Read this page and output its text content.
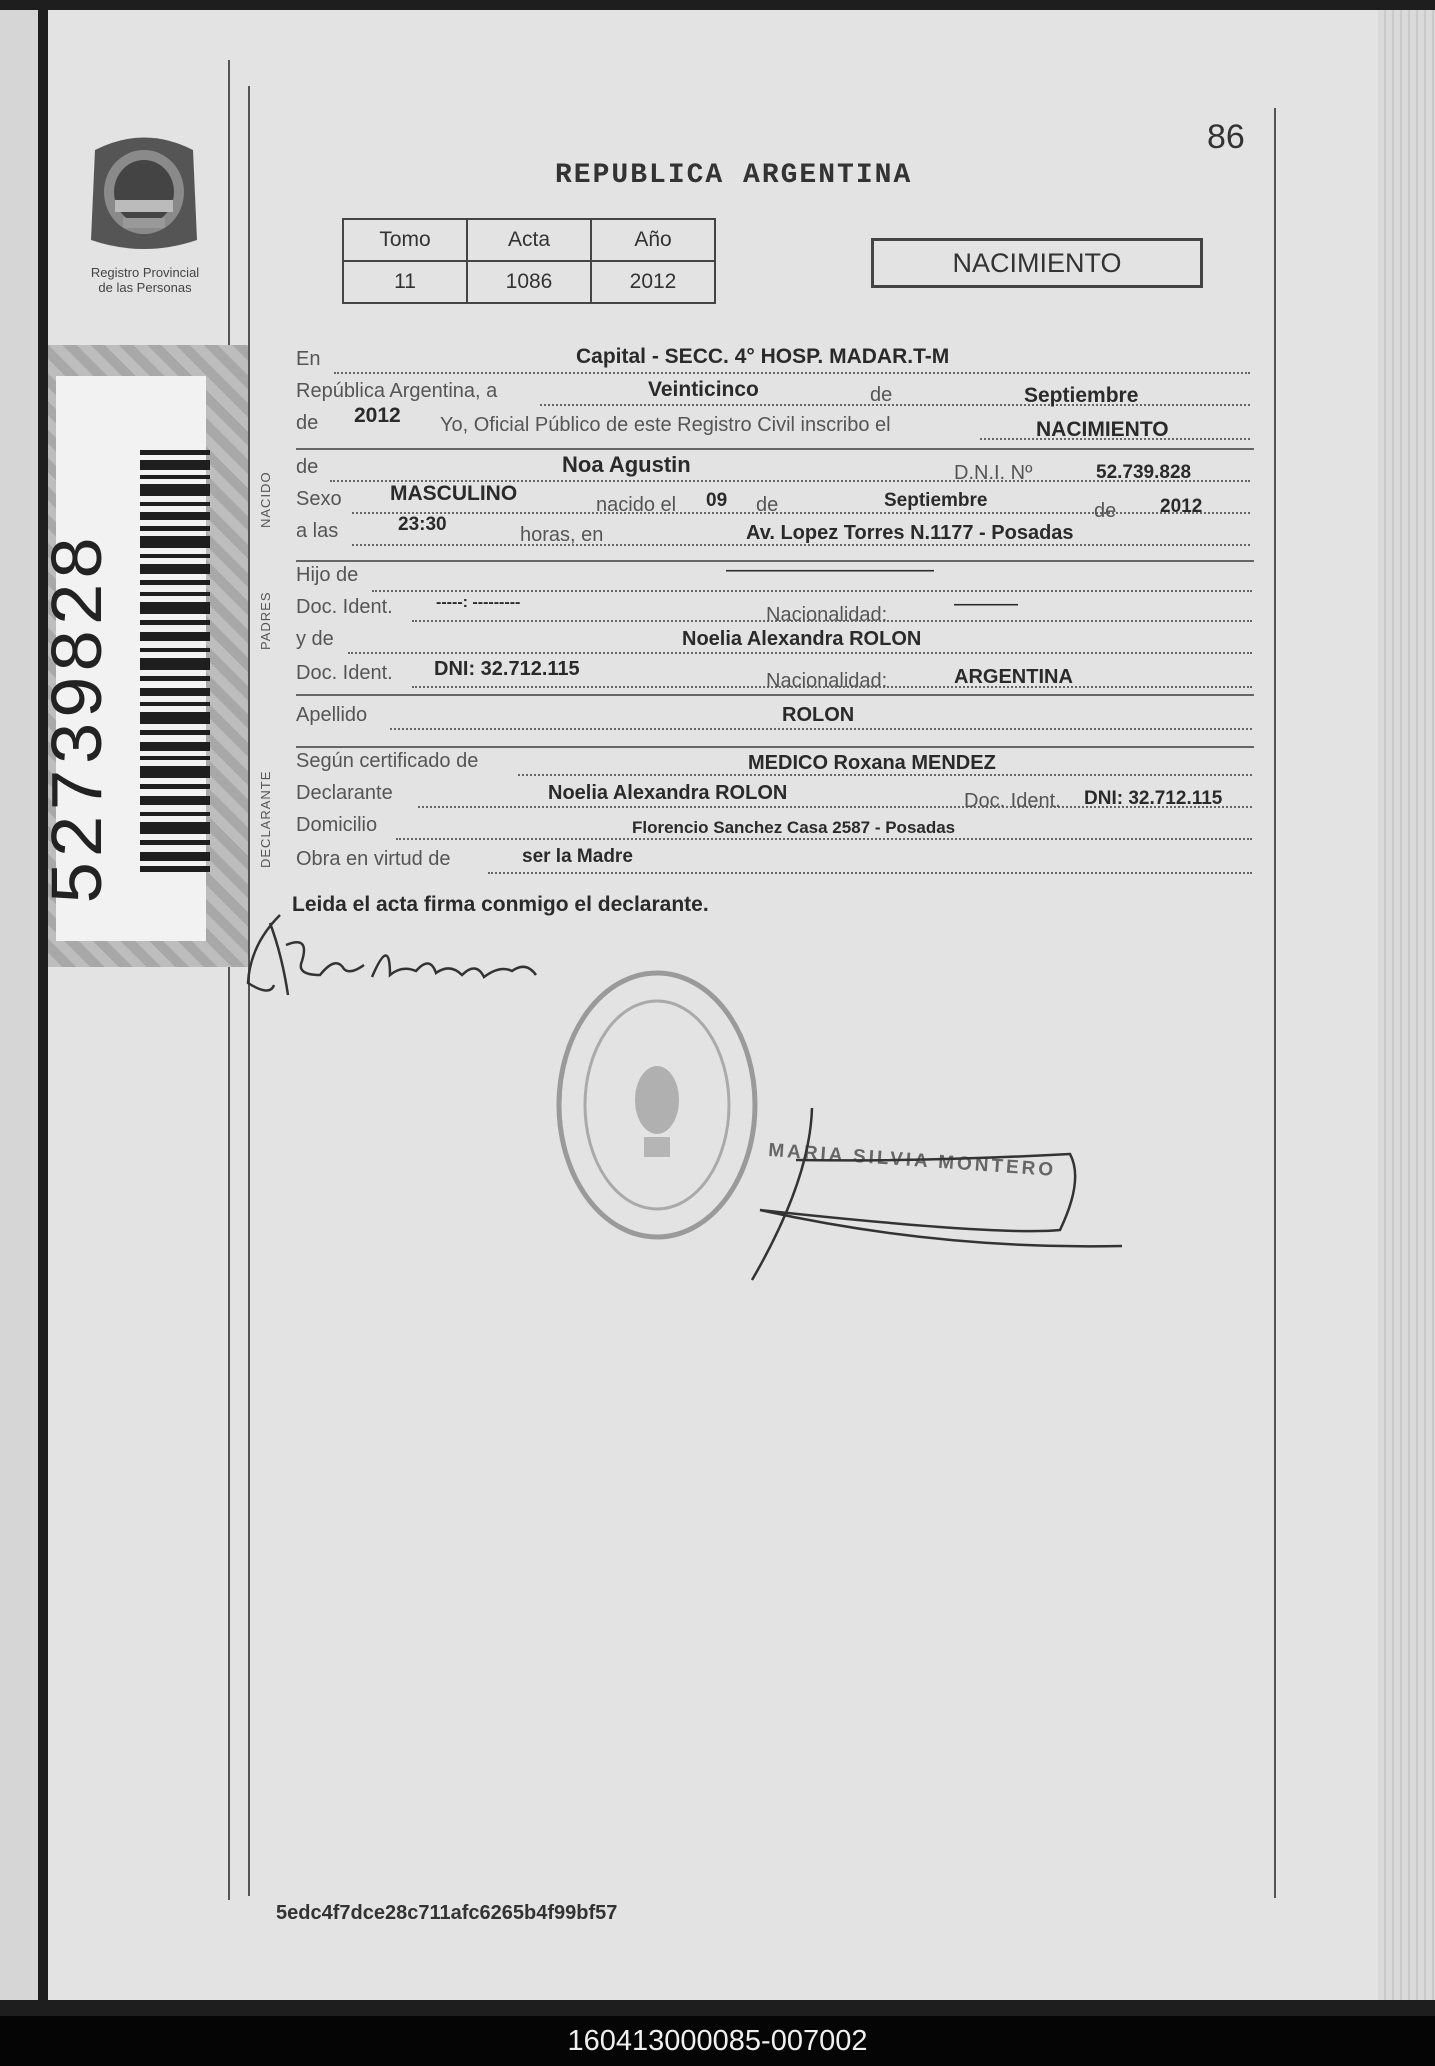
Registro Provincial
de las Personas
52739828
86
REPUBLICA ARGENTINA
Tomo	Acta	Año
11	1086	2012
NACIMIENTO
NACIDO
PADRES
DECLARANTE
En	Capital - SECC. 4° HOSP. MADAR.T-M
República Argentina, a	Veinticinco	de	Septiembre
de 2012 Yo, Oficial Público de este Registro Civil inscribo el	NACIMIENTO
de	Noa Agustin	D.N.I. Nº	52.739.828
Sexo MASCULINO	nacido el 09 de	Septiembre	de 2012
a las	23:30	horas, en	Av. Lopez Torres N.1177 - Posadas
Hijo de	—————————————
Doc. Ident.	-----: ---------
Nacionalidad:	————
y de	Noelia Alexandra ROLON
Doc. Ident. DNI: 32.712.115
Nacionalidad:	ARGENTINA
Apellido	ROLON
Según certificado de	MEDICO Roxana MENDEZ
Declarante	Noelia Alexandra ROLON	Doc. Ident. DNI: 32.712.115
Domicilio	Florencio Sanchez Casa 2587 - Posadas
Obra en virtud de	ser la Madre
Leida el acta firma conmigo el declarante.
MARIA SILVIA MONTERO
5edc4f7dce28c711afc6265b4f99bf57
160413000085-007002
